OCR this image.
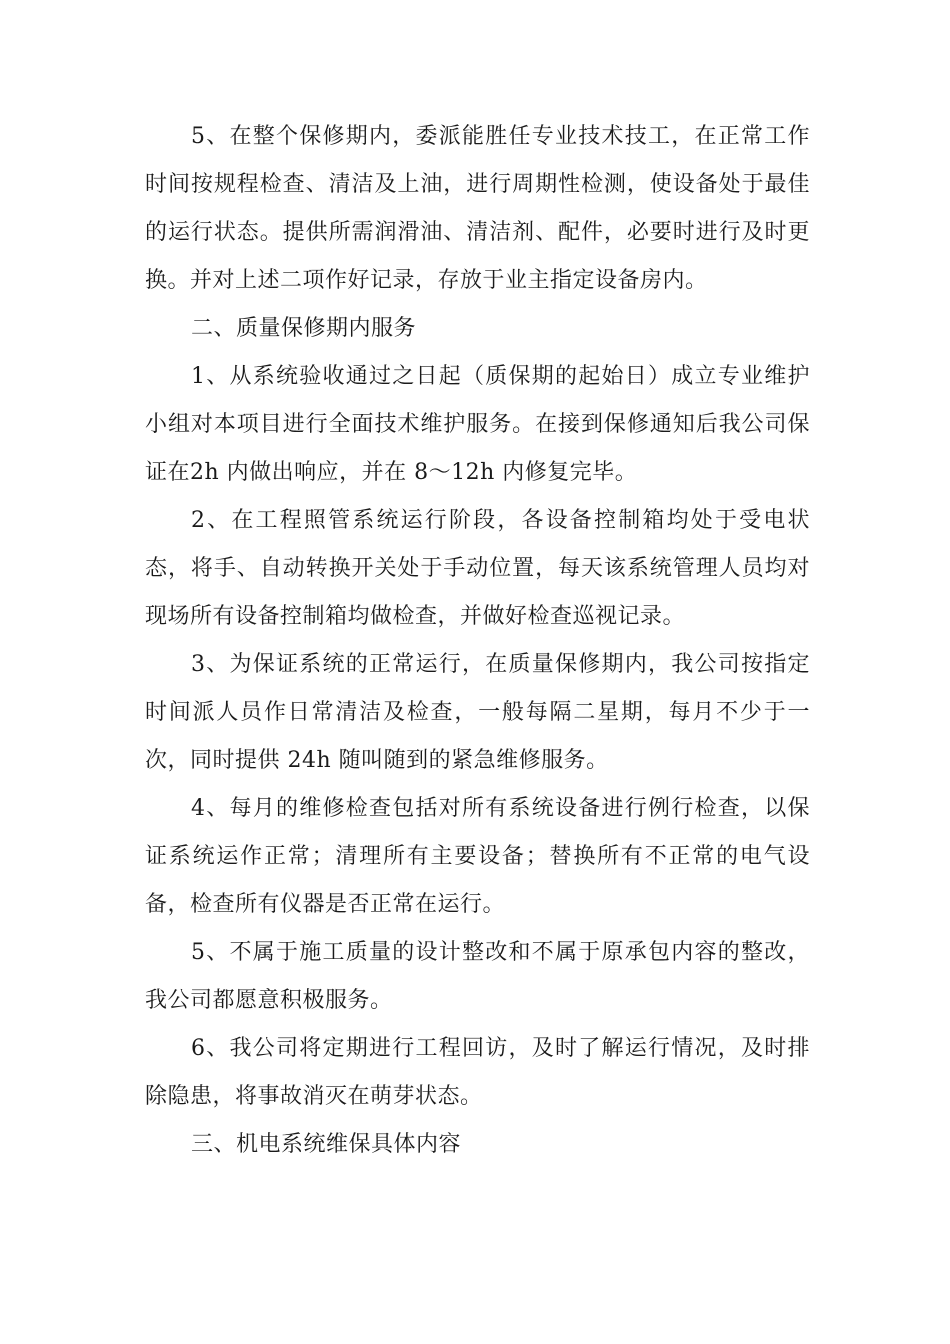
5、在整个保修期内，委派能胜任专业技术技工，在正常工作时间按规程检查、清洁及上油，进行周期性检测，使设备处于最佳的运行状态。提供所需润滑油、清洁剂、配件，必要时进行及时更换。并对上述二项作好记录，存放于业主指定设备房内。

二、质量保修期内服务

1、从系统验收通过之日起（质保期的起始日）成立专业维护小组对本项目进行全面技术维护服务。在接到保修通知后我公司保证在2h 内做出响应，并在 8～12h 内修复完毕。

2、在工程照管系统运行阶段，各设备控制箱均处于受电状态，将手、自动转换开关处于手动位置，每天该系统管理人员均对现场所有设备控制箱均做检查，并做好检查巡视记录。

3、为保证系统的正常运行，在质量保修期内，我公司按指定时间派人员作日常清洁及检查，一般每隔二星期，每月不少于一次，同时提供 24h 随叫随到的紧急维修服务。

4、每月的维修检查包括对所有系统设备进行例行检查，以保证系统运作正常；清理所有主要设备；替换所有不正常的电气设备，检查所有仪器是否正常在运行。

5、不属于施工质量的设计整改和不属于原承包内容的整改，我公司都愿意积极服务。

6、我公司将定期进行工程回访，及时了解运行情况，及时排除隐患，将事故消灭在萌芽状态。

三、机电系统维保具体内容
